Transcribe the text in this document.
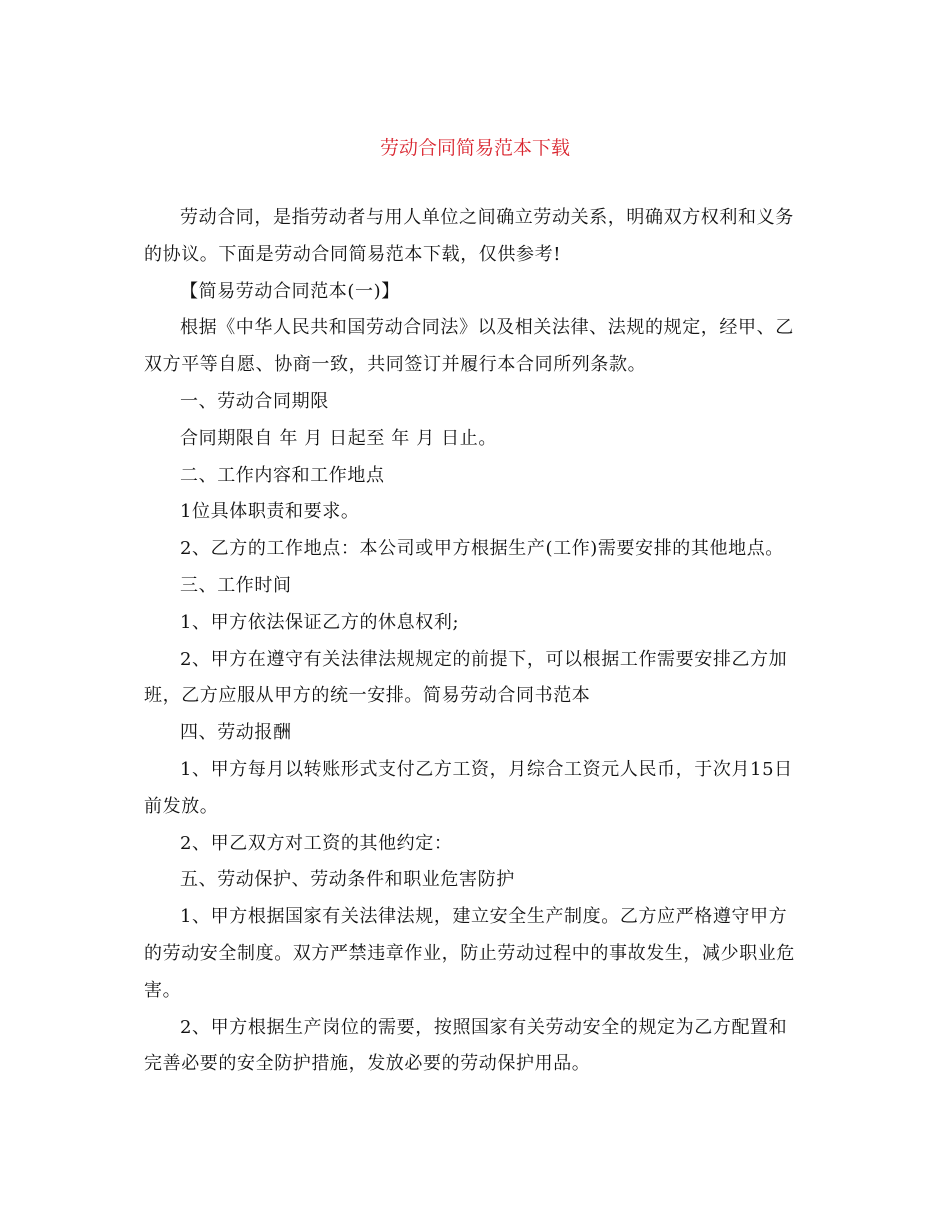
劳动合同简易范本下载

劳动合同，是指劳动者与用人单位之间确立劳动关系，明确双方权利和义务的协议。下面是劳动合同简易范本下载，仅供参考!

【简易劳动合同范本(一)】

根据《中华人民共和国劳动合同法》以及相关法律、法规的规定，经甲、乙双方平等自愿、协商一致，共同签订并履行本合同所列条款。

一、劳动合同期限

合同期限自 年 月 日起至 年 月 日止。

二、工作内容和工作地点

1位具体职责和要求。

2、乙方的工作地点：本公司或甲方根据生产(工作)需要安排的其他地点。

三、工作时间

1、甲方依法保证乙方的休息权利;

2、甲方在遵守有关法律法规规定的前提下，可以根据工作需要安排乙方加班，乙方应服从甲方的统一安排。简易劳动合同书范本

四、劳动报酬

1、甲方每月以转账形式支付乙方工资，月综合工资元人民币，于次月15日前发放。

2、甲乙双方对工资的其他约定：

五、劳动保护、劳动条件和职业危害防护

1、甲方根据国家有关法律法规，建立安全生产制度。乙方应严格遵守甲方的劳动安全制度。双方严禁违章作业，防止劳动过程中的事故发生，减少职业危害。

2、甲方根据生产岗位的需要，按照国家有关劳动安全的规定为乙方配置和完善必要的安全防护措施，发放必要的劳动保护用品。
